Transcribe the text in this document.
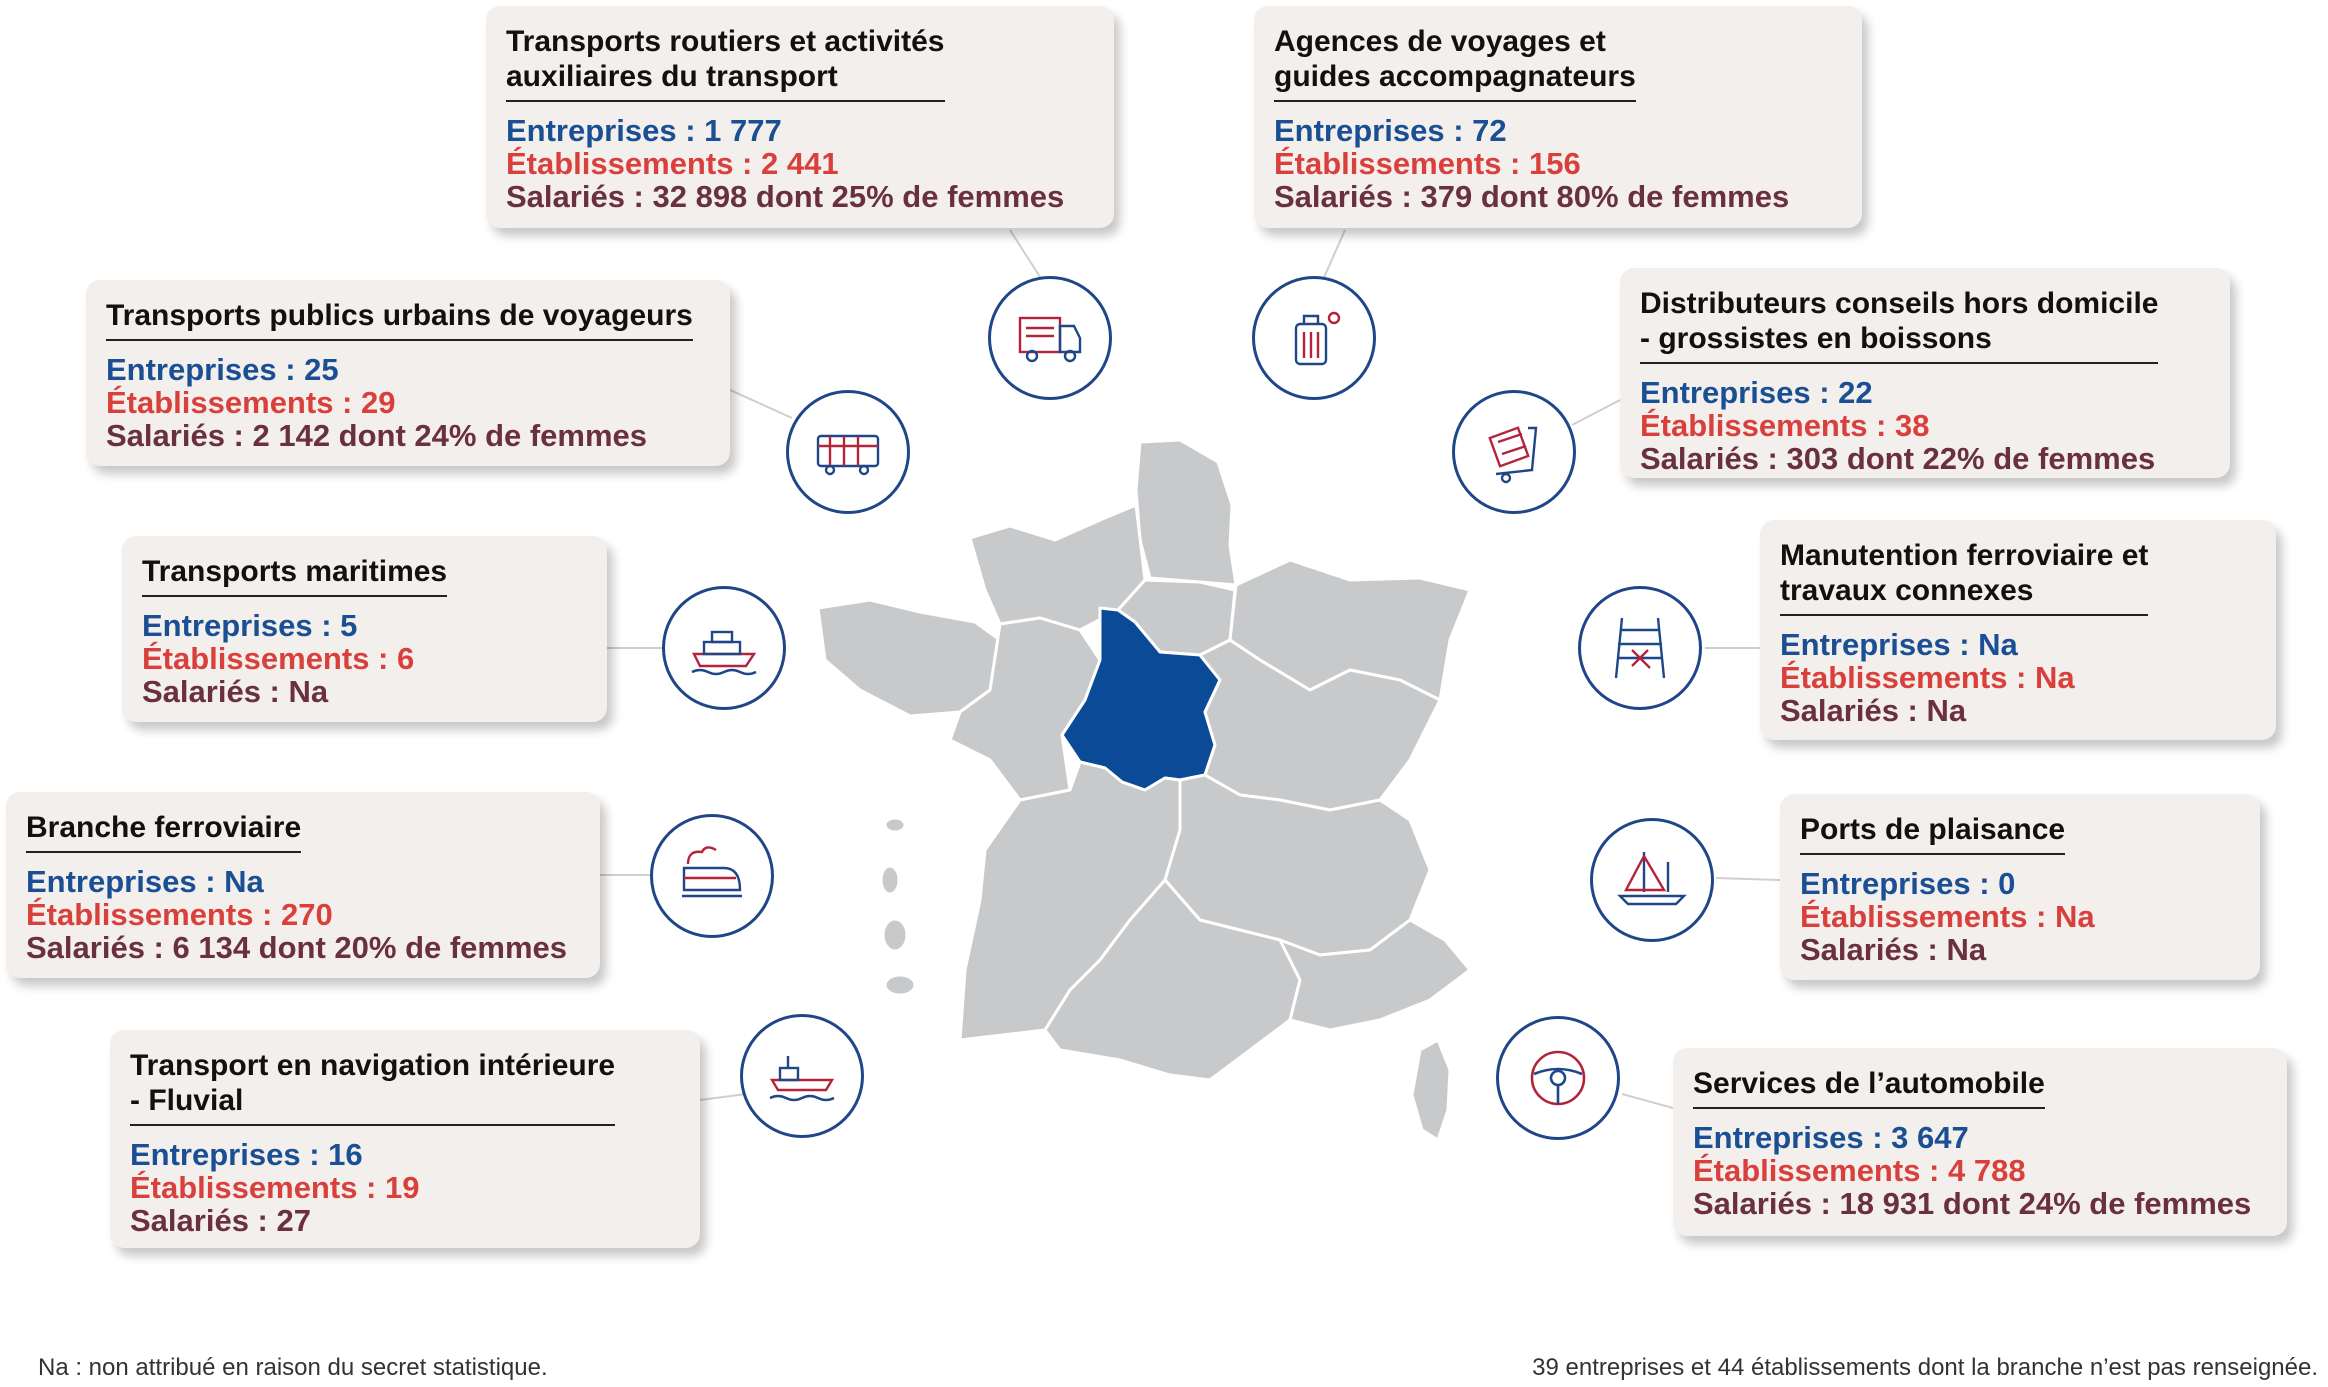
Transports routiers et activités
auxiliaires du transport
Entreprises : 1 777
Établissements : 2 441
Salariés : 32 898 dont 25% de femmes
Agences de voyages et
guides accompagnateurs
Entreprises : 72
Établissements : 156
Salariés : 379 dont 80% de femmes
Transports publics urbains de voyageurs
Entreprises : 25
Établissements : 29
Salariés : 2 142 dont 24% de femmes
Distributeurs conseils hors domicile
- grossistes en boissons
Entreprises : 22
Établissements : 38
Salariés : 303 dont 22% de femmes
Transports maritimes
Entreprises : 5
Établissements : 6
Salariés : Na
Manutention ferroviaire et
travaux connexes
Entreprises : Na
Établissements : Na
Salariés : Na
Branche ferroviaire
Entreprises : Na
Établissements : 270
Salariés : 6 134 dont 20% de femmes
Ports de plaisance
Entreprises : 0
Établissements : Na
Salariés : Na
Transport en navigation intérieure
- Fluvial
Entreprises : 16
Établissements : 19
Salariés : 27
Services de l’automobile
Entreprises : 3 647
Établissements : 4 788
Salariés : 18 931 dont 24% de femmes
Na : non attribué en raison du secret statistique.	39 entreprises et 44 établissements dont la branche n’est pas renseignée.
